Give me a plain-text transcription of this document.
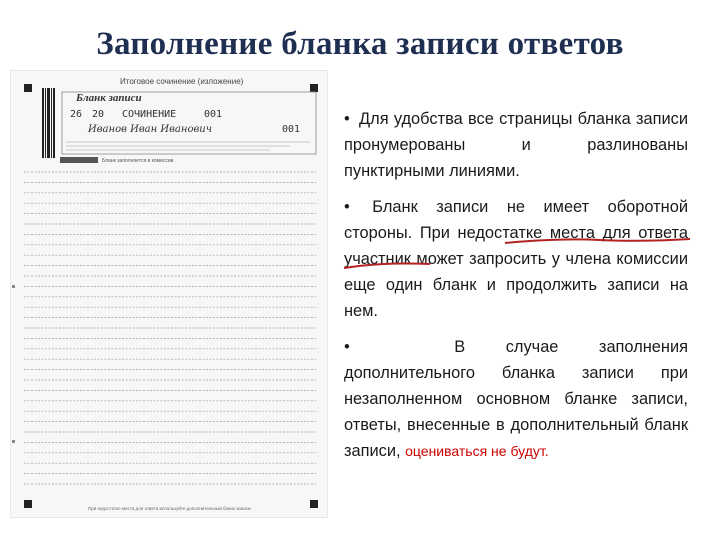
Заполнение бланка записи ответов
Итоговое сочинение (изложение)
Бланк записи
26 20 СОЧИНЕНИЕ	001
Иванов Иван Иванович	001
Бланк заполняется в комиссии
При недостатке места для ответа используйте дополнительный бланк записи

• Для удобства все страницы бланка записи пронумерованы и разлинованы пунктирными линиями.

• Бланк записи не имеет оборотной стороны. При недостатке места для ответа участник может запросить у члена комиссии еще один бланк и продолжить записи на нем.

•	В случае заполнения дополнительного бланка записи при незаполненном основном бланке записи, ответы, внесенные в дополнительный бланк записи, оцениваться не будут.
